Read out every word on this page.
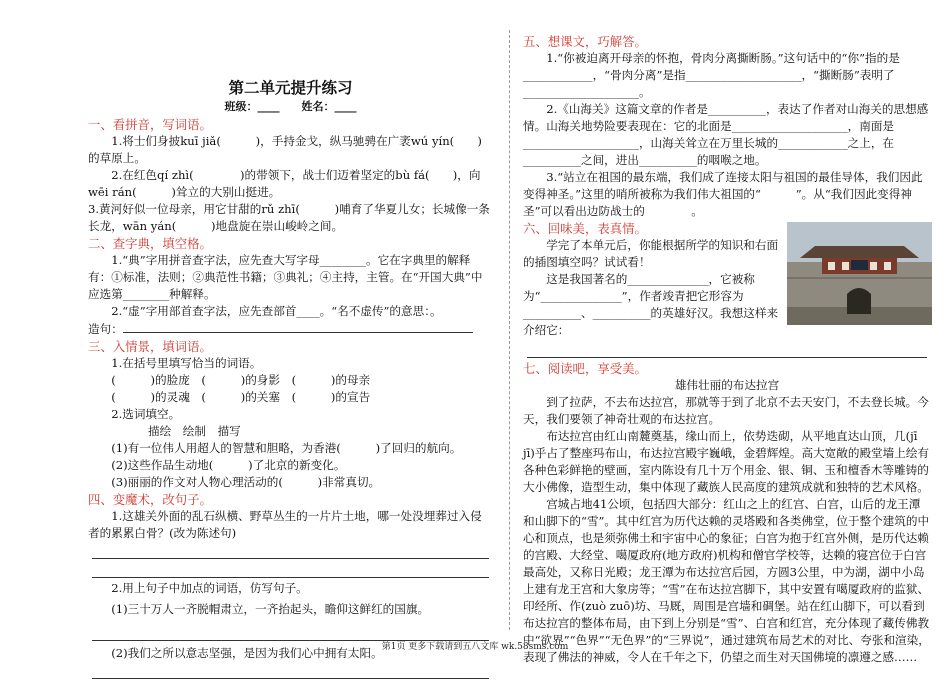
第二单元提升练习
班级：____　　姓名：____
一、看拼音，写词语。

1.将士们身披kuī jiǎ(　　　)，手持金戈，纵马驰骋在广袤wú yín(　　)的草原上。

2.在红色qí zhì(　　　　)的带领下，战士们迈着坚定的bù fá(　　)，向wēi rán(　　　)耸立的大别山挺进。

3.黄河好似一位母亲，用它甘甜的rǔ zhī(　　　)哺育了华夏儿女；长城像一条长龙，wān yán(　　　)地盘旋在崇山峻岭之间。

二、查字典，填空格。

1.“典”字用拼音查字法，应先查大写字母________。它在字典里的解释有：①标准，法则；②典范性书籍；③典礼；④主持，主管。在“开国大典”中应选第________种解释。

2.“虚”字用部首查字法，应先查部首____。“名不虚传”的意思：。

造句：

三、入情景，填词语。

1.在括号里填写恰当的词语。

(　　　)的脸庞　(　　　)的身影　(　　　)的母亲

(　　　)的灵魂　(　　　)的关塞　(　　　)的宣告

2.选词填空。

描绘　绘制　描写

(1)有一位伟人用超人的智慧和胆略，为香港(　　　)了回归的航向。

(2)这些作品生动地(　　　)了北京的新变化。

(3)丽丽的作文对人物心理活动的(　　　)非常真切。

四、变魔术，改句子。

1.这雄关外面的乱石纵横、野草丛生的一片片土地，哪一处没埋葬过入侵者的累累白骨？(改为陈述句)

2.用上句子中加点的词语，仿写句子。

(1)三十万人一齐脱帽肃立，一齐抬起头，瞻仰这鲜红的国旗。

(2)我们之所以意志坚强，是因为我们心中拥有太阳。

五、想课文，巧解答。

1.“你被迫离开母亲的怀抱，骨肉分离撕断肠。”这句话中的“你”指的是____________，“骨肉分离”是指____________________，“撕断肠”表明了____________________。

2.《山海关》这篇文章的作者是__________，表达了作者对山海关的思想感情。山海关地势险要表现在：它的北面是____________________，南面是____________________，山海关耸立在万里长城的____________之上，在__________之间，进出__________的咽喉之地。

3.“站立在祖国的最东端，我们成了连接太阳与祖国的最佳导体，我们因此变得神圣。”这里的哨所被称为我们伟大祖国的“　　　”。从“我们因此变得神圣”可以看出边防战士的　　　　。

六、回味美，表真情。

学完了本单元后，你能根据所学的知识和右面的插图填空吗？试试看！

这是我国著名的______________，它被称为“______________”，作者竣青把它形容为__________、__________的英雄好汉。我想这样来介绍它：

七、阅读吧，享受美。

雄伟壮丽的布达拉宫

到了拉萨，不去布达拉宫，那就等于到了北京不去天安门，不去登长城。今天，我们要领了神奇壮观的布达拉宫。

布达拉宫由红山南麓奠基，缘山而上，依势迭砌，从平地直达山顶，几(jī jī)乎占了整座玛布山，布达拉宫殿宇巍峨，金碧辉煌。高大宽敞的殿堂墙上绘有各种色彩鲜艳的壁画，室内陈设有几十万个用金、银、铜、玉和檀香木等雕铸的大小佛像，造型生动，集中体现了藏族人民高度的建筑成就和独特的艺术风格。

宫城占地41公顷，包括四大部分：红山之上的红宫、白宫，山后的龙王潭和山脚下的“雪”。其中红宫为历代达赖的灵塔殿和各类佛堂，位于整个建筑的中心和顶点，也是须弥佛土和宇宙中心的象征；白宫为抱于红宫外侧，是历代达赖的宫殿、大经堂、噶厦政府(地方政府)机构和僧官学校等，达赖的寝宫位于白宫最高处，又称日光殿；龙王潭为布达拉宫后园，方圆3公里，中为湖，湖中小岛上建有龙王宫和大象房等；“雪”在布达拉宫脚下，其中安置有噶厦政府的监狱、印经所、作(zuò zuō)坊、马厩，周围是宫墙和碉堡。站在红山脚下，可以看到布达拉宫的整体布局，由下到上分别是“雪”、白宫和红宫，充分体现了藏传佛教中“欲界”“色界”“无色界”的“三界说”，通过建筑布局艺术的对比、夸张和渲染，表现了佛法的神威，令人在千年之下，仍望之而生对天国佛境的凛遵之感……

第1页 更多下载请到五八文库 wk.58sms.com
